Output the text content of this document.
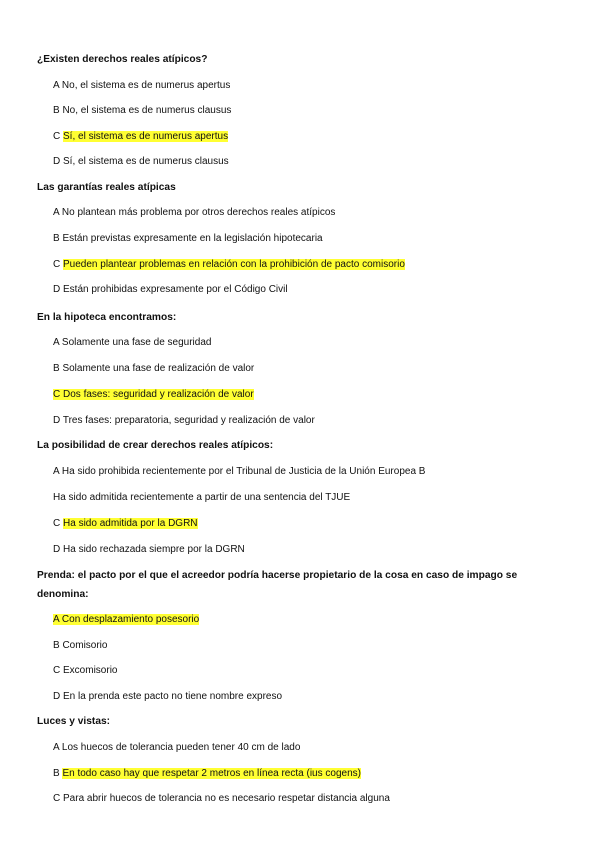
¿Existen derechos reales atípicos?
A No, el sistema es de numerus apertus
B No, el sistema es de numerus clausus
C Sí, el sistema es de numerus apertus
D Sí, el sistema es de numerus clausus
Las garantías reales atípicas
A No plantean más problema por otros derechos reales atípicos
B Están previstas expresamente en la legislación hipotecaria
C Pueden plantear problemas en relación con la prohibición de pacto comisorio
D Están prohibidas expresamente por el Código Civil
En la hipoteca encontramos:
A Solamente una fase de seguridad
B Solamente una fase de realización de valor
C Dos fases: seguridad y realización de valor
D Tres fases: preparatoria, seguridad y realización de valor
La posibilidad de crear derechos reales atípicos:
A Ha sido prohibida recientemente por el Tribunal de Justicia de la Unión Europea B
Ha sido admitida recientemente a partir de una sentencia del TJUE
C Ha sido admitida por la DGRN
D Ha sido rechazada siempre por la DGRN
Prenda: el pacto por el que el acreedor podría hacerse propietario de la cosa en caso de impago se denomina:
A Con desplazamiento posesorio
B Comisorio
C Excomisorio
D En la prenda este pacto no tiene nombre expreso
Luces y vistas:
A Los huecos de tolerancia pueden tener 40 cm de lado
B En todo caso hay que respetar 2 metros en línea recta (ius cogens)
C Para abrir huecos de tolerancia no es necesario respetar distancia alguna
